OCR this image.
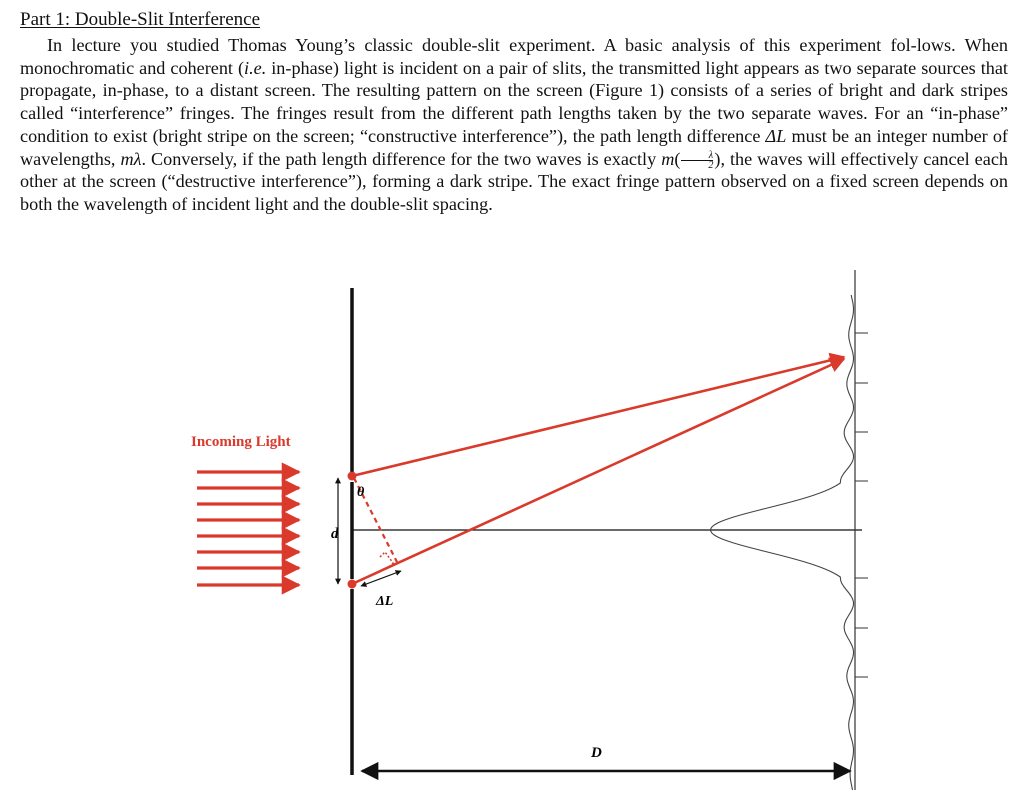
Part 1: Double-Slit Interference

In lecture you studied Thomas Young’s classic double-slit experiment. A basic analysis of this experiment fol-lows. When monochromatic and coherent (i.e. in-phase) light is incident on a pair of slits, the transmitted light appears as two separate sources that propagate, in-phase, to a distant screen. The resulting pattern on the screen (Figure 1) consists of a series of bright and dark stripes called “interference” fringes. The fringes result from the different path lengths taken by the two separate waves. For an “in-phase” condition to exist (bright stripe on the screen; “constructive interference”), the path length difference ΔL must be an integer number of wavelengths, mλ. Conversely, if the path length difference for the two waves is exactly $m( \frac{\lambda}{2}$ ), the waves will effectively cancel each other at the screen (“destructive interference”), forming a dark stripe. The exact fringe pattern observed on a fixed screen depends on both the wavelength of incident light and the double-slit spacing.

Incoming Light
d
θ
ΔL
D
